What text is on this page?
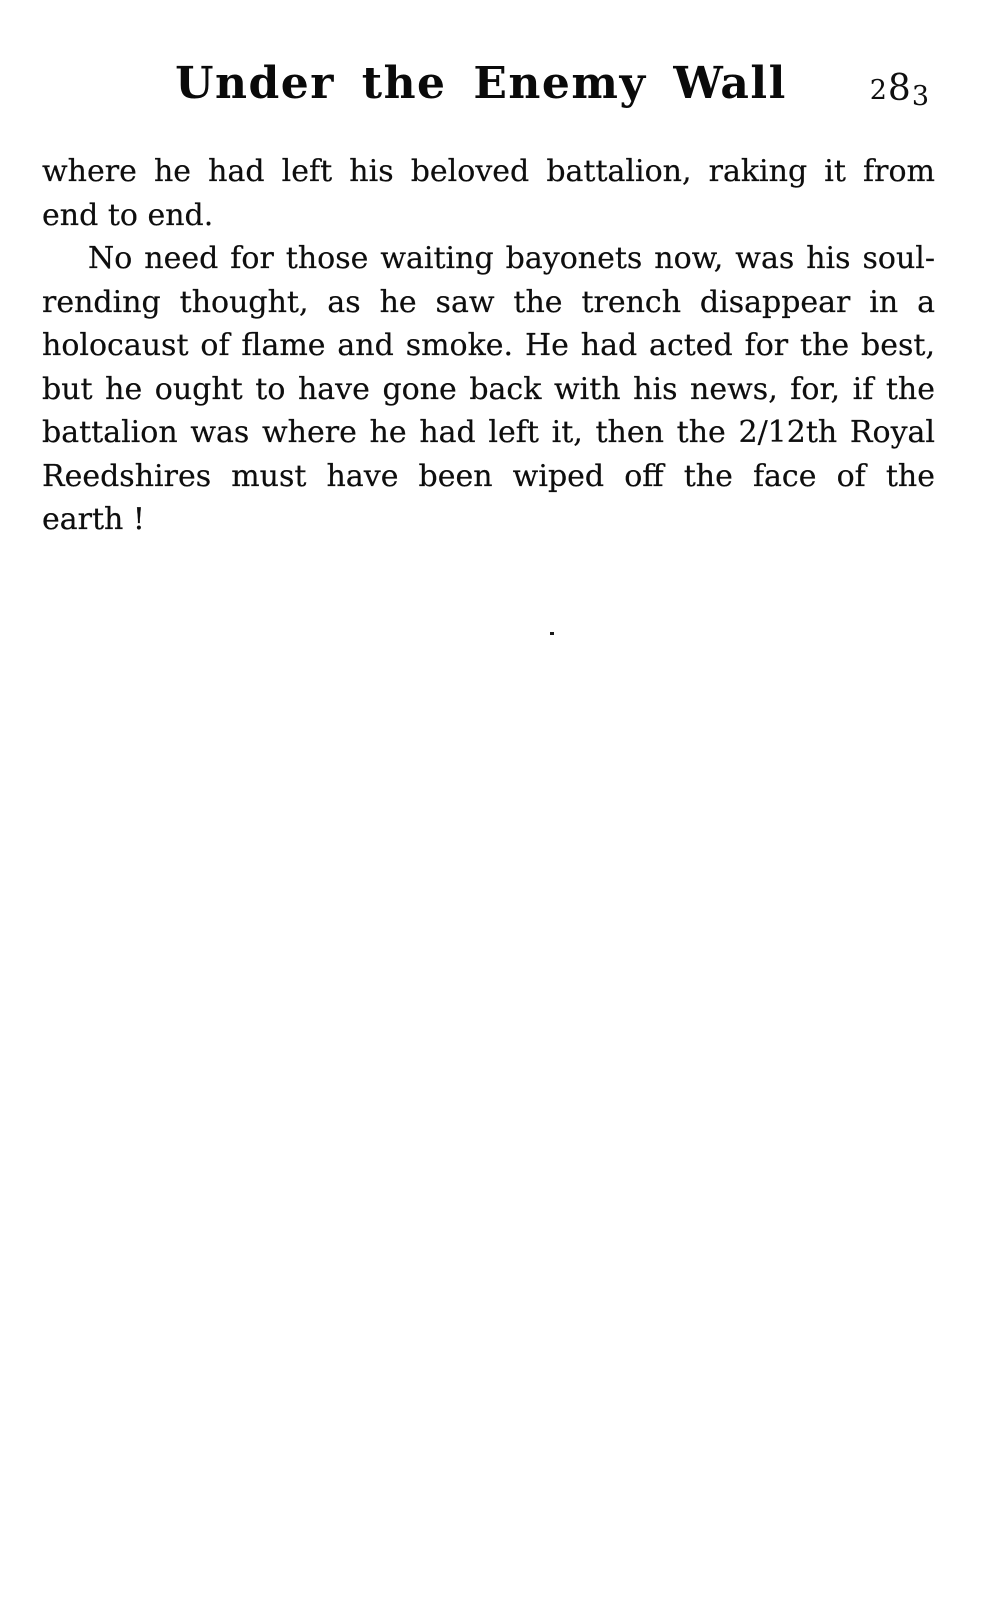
Under the Enemy Wall	283
where he had left his beloved battalion, raking it from
end to end.
No need for those waiting bayonets now, was his soul-
rending thought, as he saw the trench disappear in a
holocaust of flame and smoke. He had acted for the best,
but he ought to have gone back with his news, for, if the
battalion was where he had left it, then the 2/12th Royal
Reedshires must have been wiped off the face of the
earth !
